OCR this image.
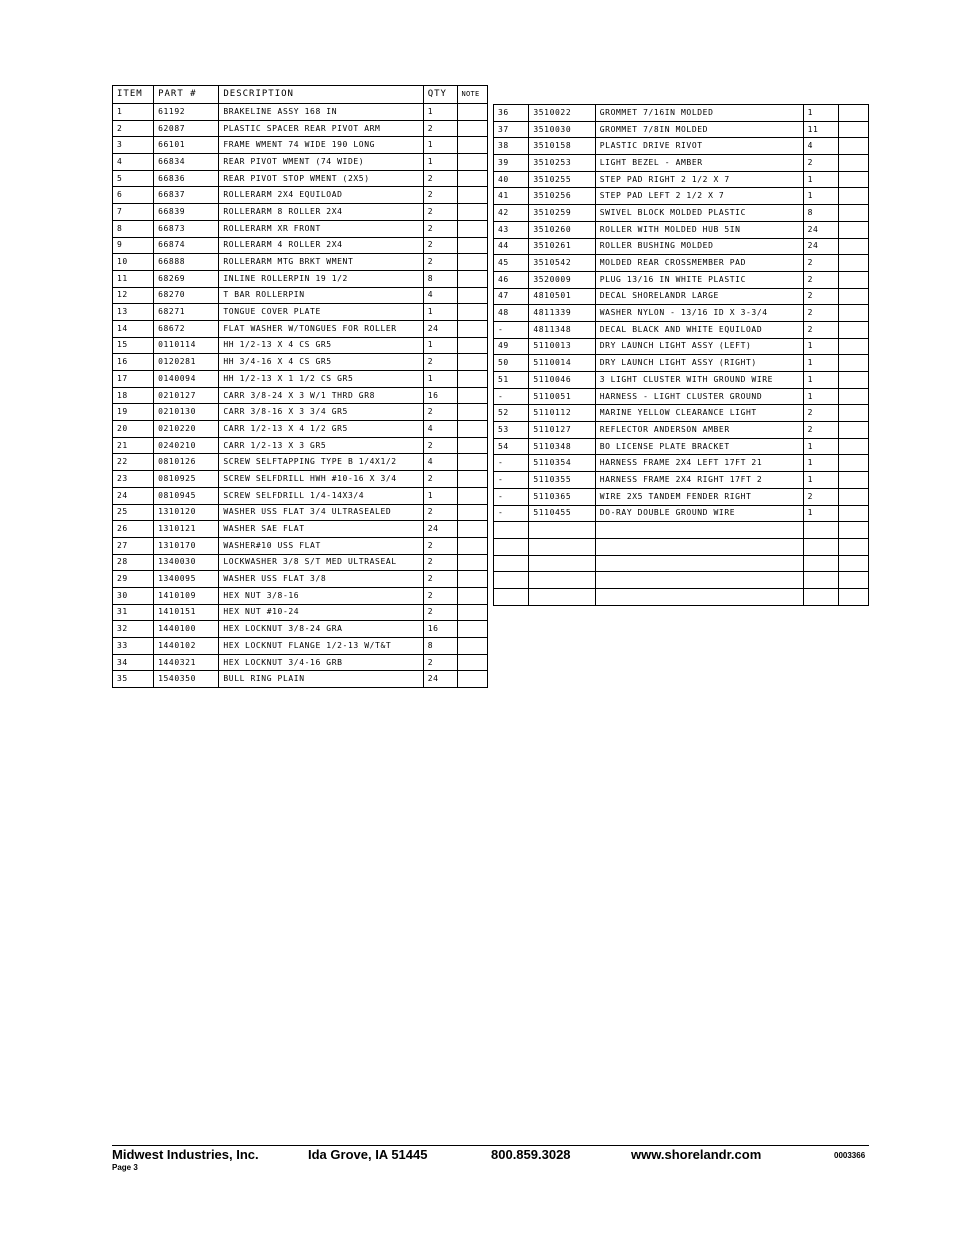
ITEM	PART #	DESCRIPTION	QTY	NOTE
1	61192	BRAKELINE ASSY 168 IN	1	
2	62087	PLASTIC SPACER REAR PIVOT ARM	2	
3	66101	FRAME WMENT 74 WIDE 190 LONG	1	
4	66834	REAR PIVOT WMENT (74 WIDE)	1	
5	66836	REAR PIVOT STOP WMENT (2X5)	2	
6	66837	ROLLERARM 2X4 EQUILOAD	2	
7	66839	ROLLERARM 8 ROLLER 2X4	2	
8	66873	ROLLERARM XR FRONT	2	
9	66874	ROLLERARM 4 ROLLER 2X4	2	
10	66888	ROLLERARM MTG BRKT WMENT	2	
11	68269	INLINE ROLLERPIN 19 1/2	8	
12	68270	T BAR ROLLERPIN	4	
13	68271	TONGUE COVER PLATE	1	
14	68672	FLAT WASHER W/TONGUES FOR ROLLER	24	
15	0110114	HH 1/2-13 X 4 CS GR5	1	
16	0120281	HH 3/4-16 X 4 CS GR5	2	
17	0140094	HH 1/2-13 X 1 1/2 CS GR5	1	
18	0210127	CARR 3/8-24 X 3 W/1 THRD GR8	16	
19	0210130	CARR 3/8-16 X 3 3/4 GR5	2	
20	0210220	CARR 1/2-13 X 4 1/2 GR5	4	
21	0240210	CARR 1/2-13 X 3 GR5	2	
22	0810126	SCREW SELFTAPPING TYPE B 1/4X1/2	4	
23	0810925	SCREW SELFDRILL HWH #10-16 X 3/4	2	
24	0810945	SCREW SELFDRILL 1/4-14X3/4	1	
25	1310120	WASHER USS FLAT 3/4 ULTRASEALED	2	
26	1310121	WASHER SAE FLAT	24	
27	1310170	WASHER#10 USS FLAT	2	
28	1340030	LOCKWASHER 3/8 S/T MED ULTRASEAL	2	
29	1340095	WASHER USS FLAT 3/8	2	
30	1410109	HEX NUT 3/8-16	2	
31	1410151	HEX NUT #10-24	2	
32	1440100	HEX LOCKNUT 3/8-24 GRA	16	
33	1440102	HEX LOCKNUT FLANGE 1/2-13 W/T&T	8	
34	1440321	HEX LOCKNUT 3/4-16 GRB	2	
35	1540350	BULL RING PLAIN	24	
36	3510022	GROMMET 7/16IN MOLDED	1	
37	3510030	GROMMET 7/8IN MOLDED	11	
38	3510158	PLASTIC DRIVE RIVOT	4	
39	3510253	LIGHT BEZEL - AMBER	2	
40	3510255	STEP PAD RIGHT 2 1/2 X 7	1	
41	3510256	STEP PAD LEFT 2 1/2 X 7	1	
42	3510259	SWIVEL BLOCK MOLDED PLASTIC	8	
43	3510260	ROLLER WITH MOLDED HUB 5IN	24	
44	3510261	ROLLER BUSHING MOLDED	24	
45	3510542	MOLDED REAR CROSSMEMBER PAD	2	
46	3520009	PLUG 13/16 IN WHITE PLASTIC	2	
47	4810501	DECAL SHORELANDR LARGE	2	
48	4811339	WASHER NYLON - 13/16 ID X 3-3/4	2	
-	4811348	DECAL BLACK AND WHITE EQUILOAD	2	
49	5110013	DRY LAUNCH LIGHT ASSY (LEFT)	1	
50	5110014	DRY LAUNCH LIGHT ASSY (RIGHT)	1	
51	5110046	3 LIGHT CLUSTER WITH GROUND WIRE	1	
-	5110051	HARNESS - LIGHT CLUSTER GROUND	1	
52	5110112	MARINE YELLOW CLEARANCE LIGHT	2	
53	5110127	REFLECTOR ANDERSON AMBER	2	
54	5110348	BO LICENSE PLATE BRACKET	1	
-	5110354	HARNESS FRAME 2X4 LEFT 17FT 21	1	
-	5110355	HARNESS FRAME 2X4 RIGHT 17FT 2	1	
-	5110365	WIRE 2X5 TANDEM FENDER RIGHT	2	
-	5110455	DO-RAY DOUBLE GROUND WIRE	1	

Midwest Industries, Inc.	Ida Grove, IA 51445	800.859.3028	www.shorelandr.com
Page 3
0003366
